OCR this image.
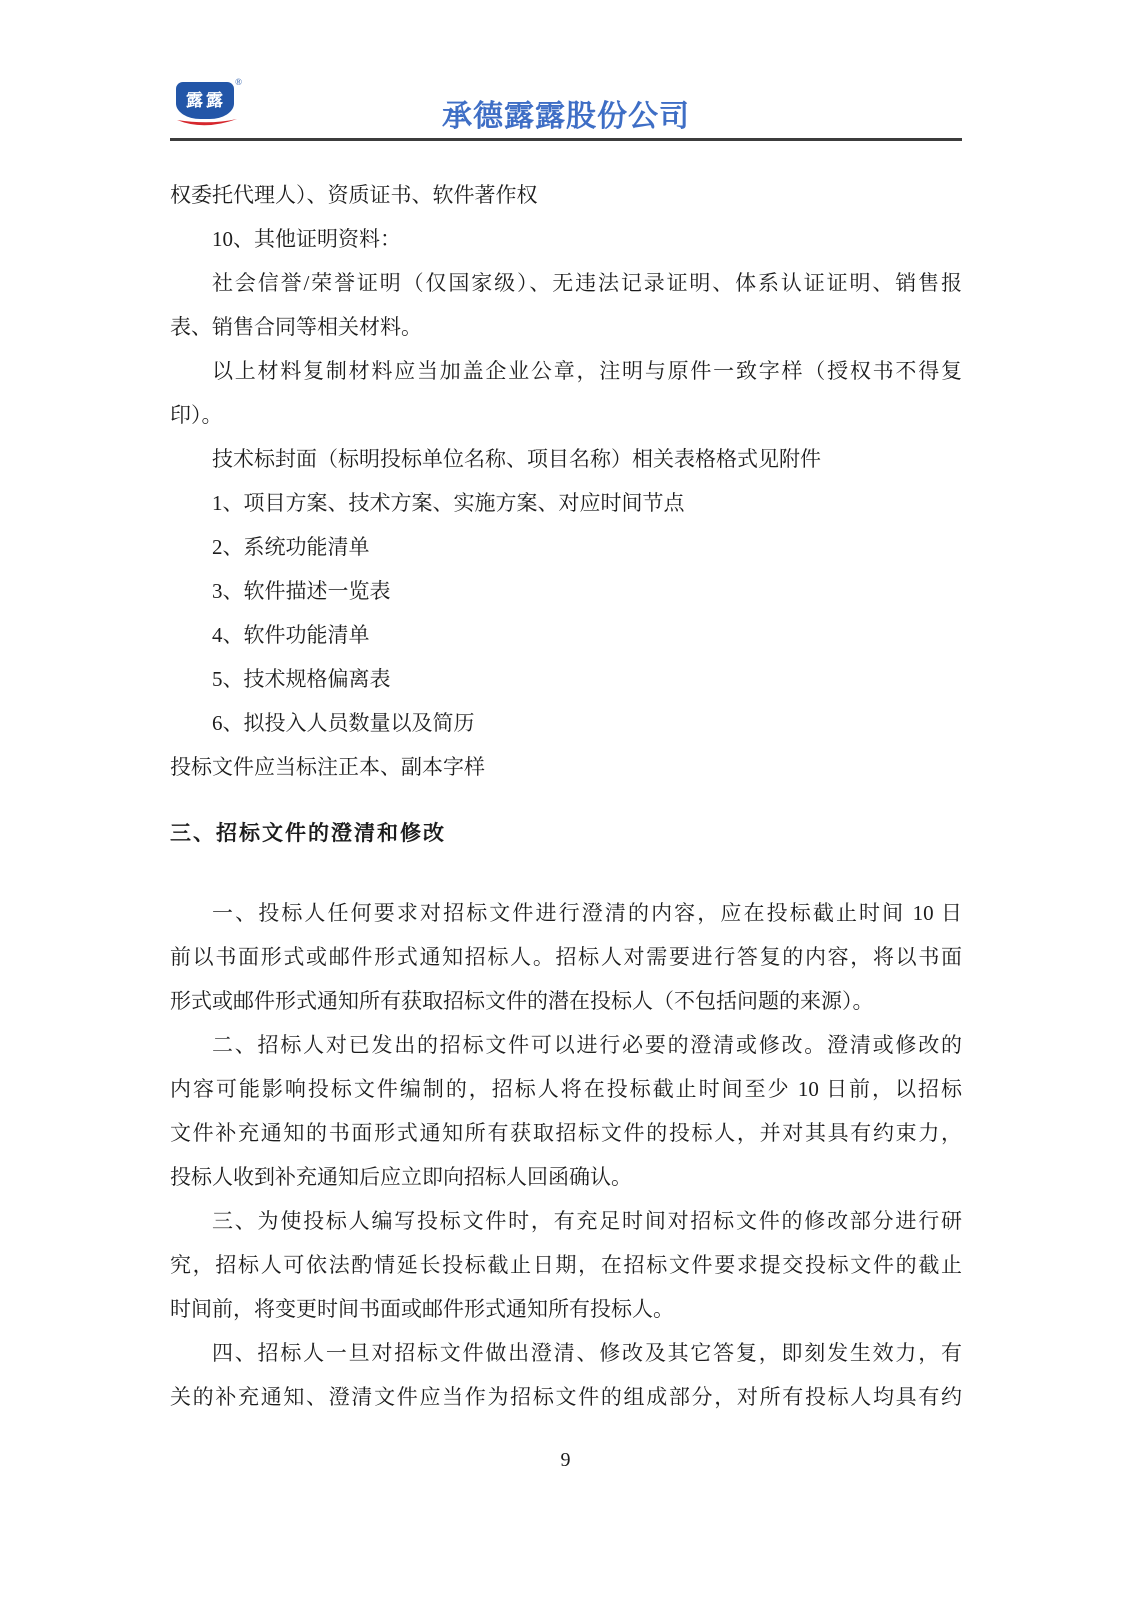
露露
®
承德露露股份公司
权委托代理人）、资质证书、软件著作权
10、其他证明资料：
社会信誉/荣誉证明（仅国家级）、无违法记录证明、体系认证证明、销售报
表、销售合同等相关材料。
以上材料复制材料应当加盖企业公章，注明与原件一致字样（授权书不得复
印）。
技术标封面（标明投标单位名称、项目名称）相关表格格式见附件
1、项目方案、技术方案、实施方案、对应时间节点
2、系统功能清单
3、软件描述一览表
4、软件功能清单
5、技术规格偏离表
6、拟投入人员数量以及简历
投标文件应当标注正本、副本字样
三、招标文件的澄清和修改
一、投标人任何要求对招标文件进行澄清的内容，应在投标截止时间 10 日
前以书面形式或邮件形式通知招标人。招标人对需要进行答复的内容，将以书面
形式或邮件形式通知所有获取招标文件的潜在投标人（不包括问题的来源）。
二、招标人对已发出的招标文件可以进行必要的澄清或修改。澄清或修改的
内容可能影响投标文件编制的，招标人将在投标截止时间至少 10 日前，以招标
文件补充通知的书面形式通知所有获取招标文件的投标人，并对其具有约束力，
投标人收到补充通知后应立即向招标人回函确认。
三、为使投标人编写投标文件时，有充足时间对招标文件的修改部分进行研
究，招标人可依法酌情延长投标截止日期，在招标文件要求提交投标文件的截止
时间前，将变更时间书面或邮件形式通知所有投标人。
四、招标人一旦对招标文件做出澄清、修改及其它答复，即刻发生效力，有
关的补充通知、澄清文件应当作为招标文件的组成部分，对所有投标人均具有约
9
